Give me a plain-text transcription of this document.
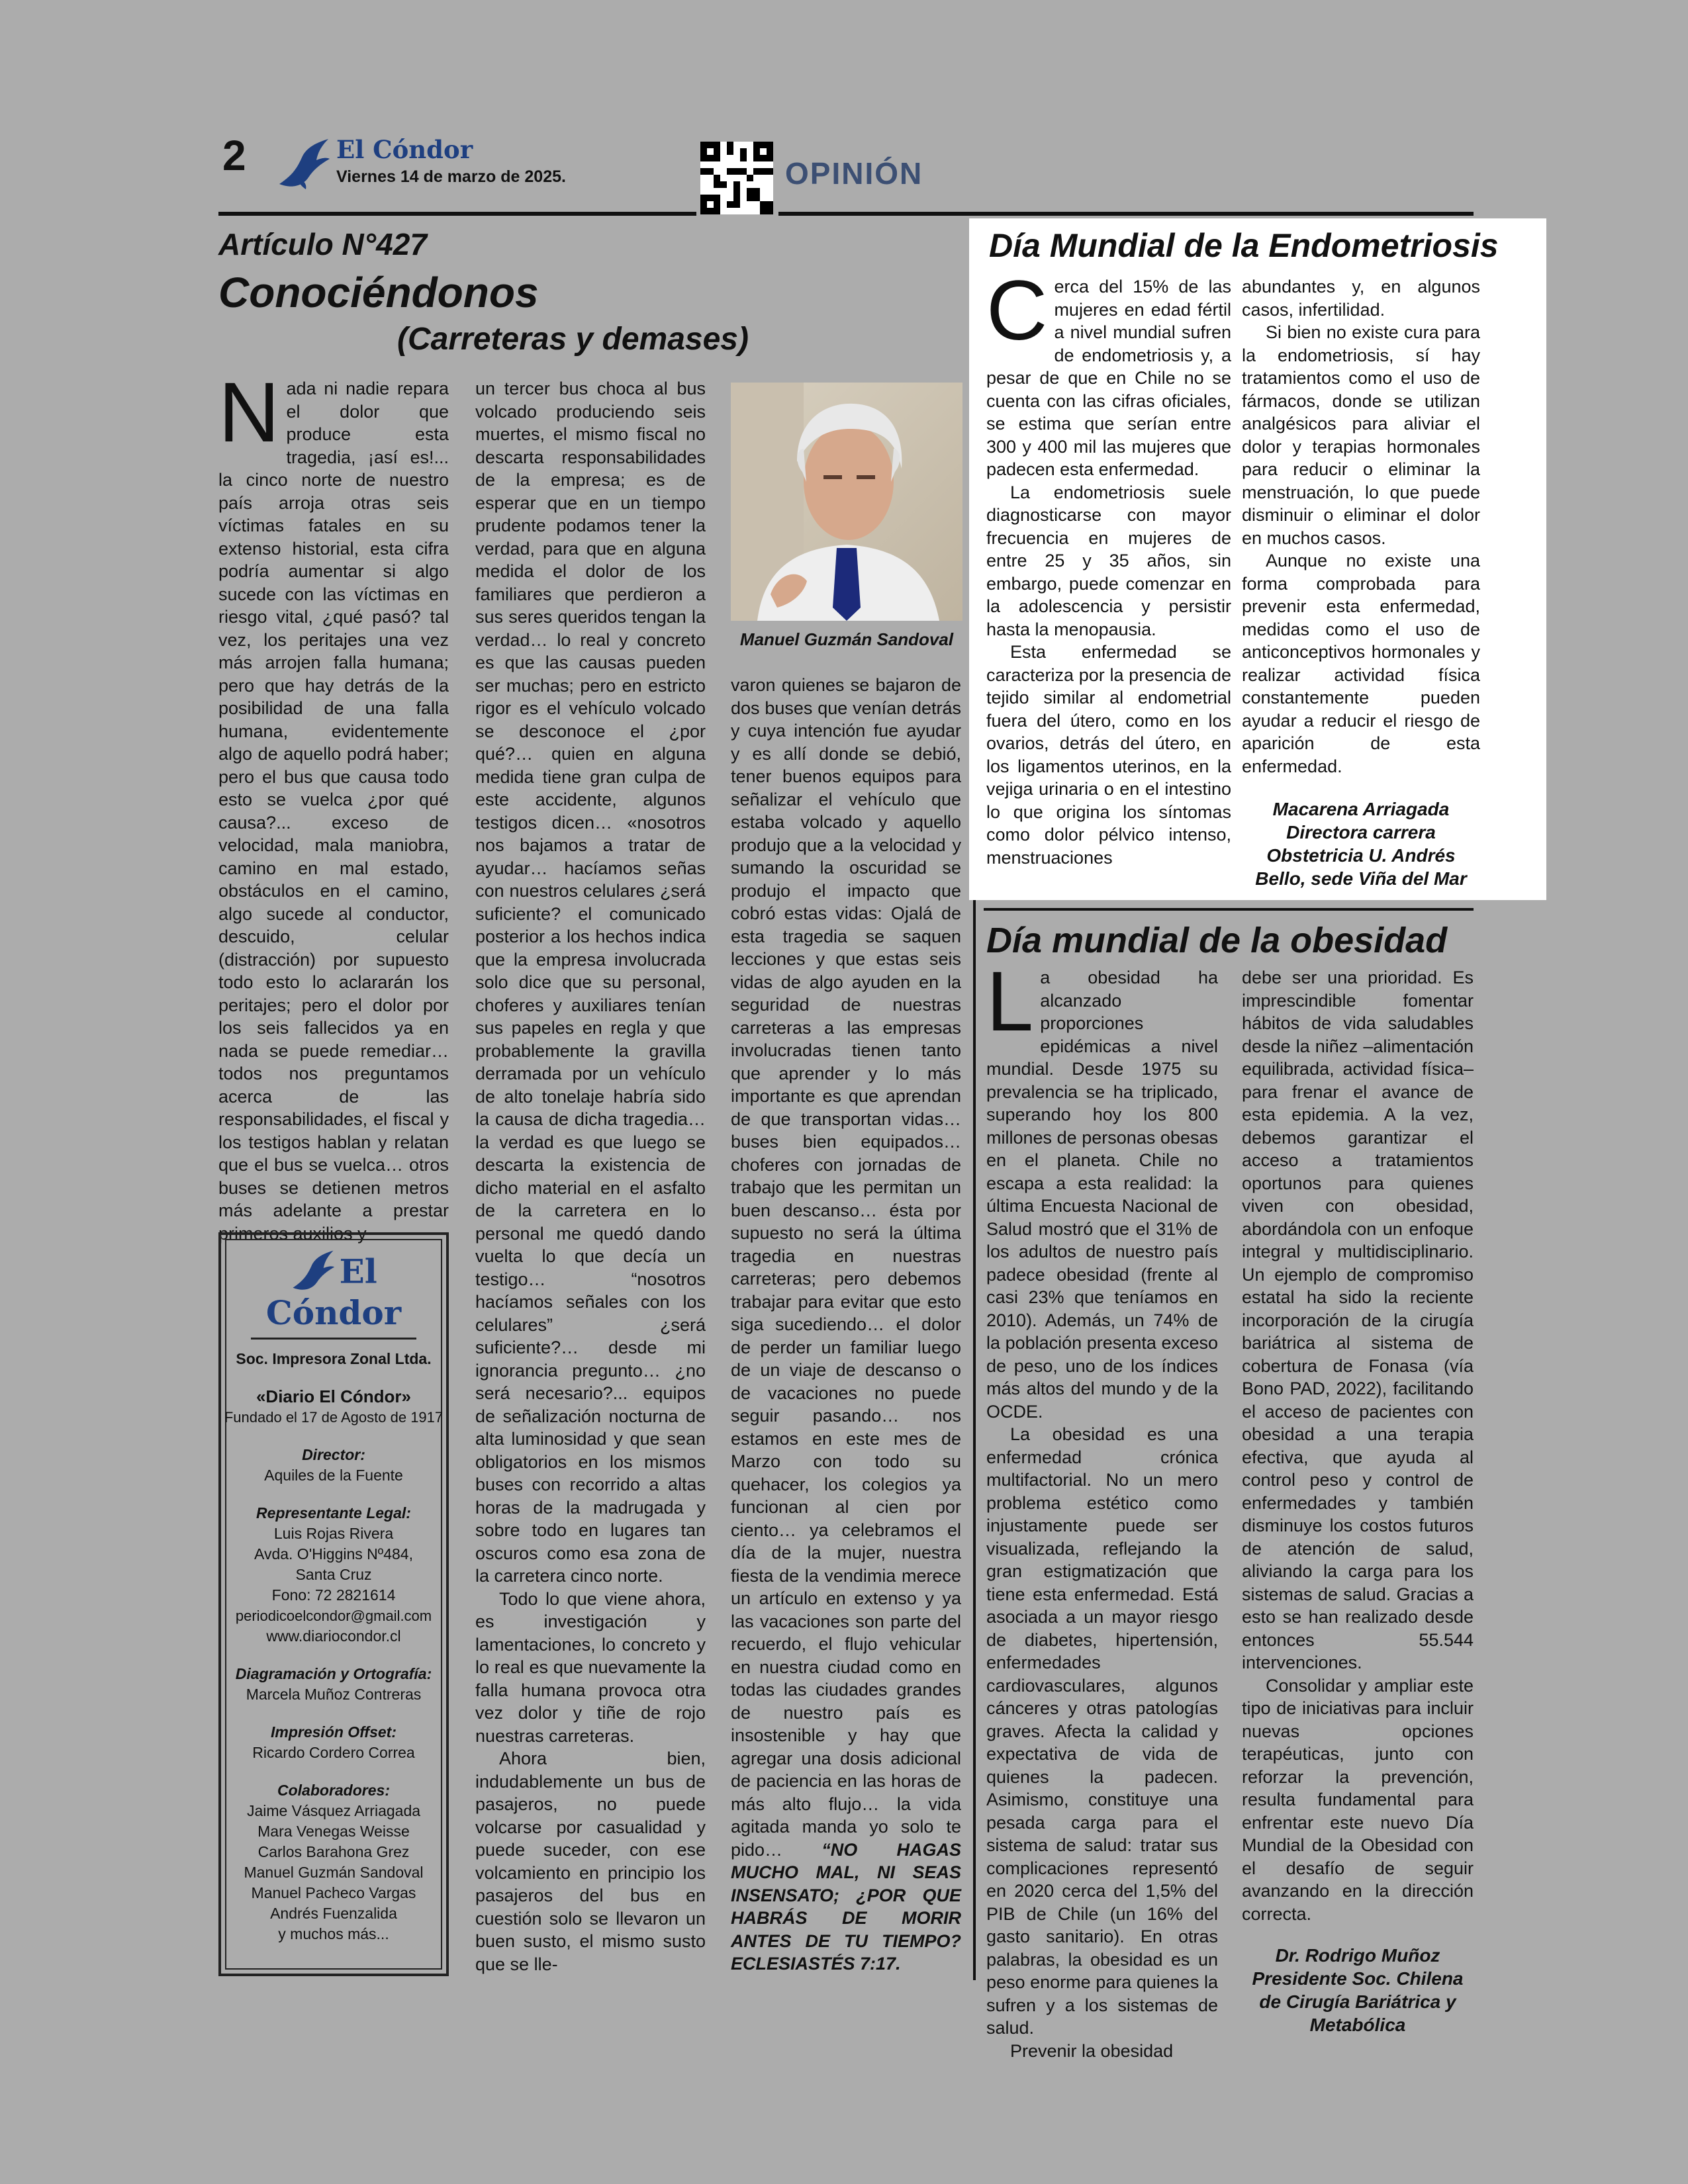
2	El Cóndor
Viernes 14 de marzo de 2025.	OPINIÓN
Artículo N°427
Conociéndonos
(Carreteras y demases)

Nada ni nadie repara el dolor que produce esta tragedia, ¡así es!... la cinco norte de nuestro país arroja otras seis víctimas fatales en su extenso historial, esta cifra podría aumentar si algo sucede con las víctimas en riesgo vital, ¿qué pasó? tal vez, los peritajes una vez más arrojen falla humana; pero que hay detrás de la posibilidad de una falla humana, evidentemente algo de aquello podrá haber; pero el bus que causa todo esto se vuelca ¿por qué causa?... exceso de velocidad, mala maniobra, camino en mal estado, obstáculos en el camino, algo sucede al conductor, descuido, celular (distracción) por supuesto todo esto lo aclararán los peritajes; pero el dolor por los seis fallecidos ya en nada se puede remediar… todos nos preguntamos acerca de las responsabilidades, el fiscal y los testigos hablan y relatan que el bus se vuelca… otros buses se detienen metros más adelante a prestar primeros auxilios y

un tercer bus choca al bus volcado produciendo seis muertes, el mismo fiscal no descarta responsabilidades de la empresa; es de esperar que en un tiempo prudente podamos tener la verdad, para que en alguna medida el dolor de los familiares que perdieron a sus seres queridos tengan la verdad… lo real y concreto es que las causas pueden ser muchas; pero en estricto rigor es el vehículo volcado se desconoce el ¿por qué?… quien en alguna medida tiene gran culpa de este accidente, algunos testigos dicen… «nosotros nos bajamos a tratar de ayudar… hacíamos señas con nuestros celulares ¿será suficiente? el comunicado posterior a los hechos indica que la empresa involucrada solo dice que su personal, choferes y auxiliares tenían sus papeles en regla y que probablemente la gravilla derramada por un vehículo de alto tonelaje habría sido la causa de dicha tragedia… la verdad es que luego se descarta la existencia de dicho material en el asfalto de la carretera en lo personal me quedó dando vuelta lo que decía un testigo… “nosotros hacíamos señales con los celulares” ¿será suficiente?… desde mi ignorancia pregunto… ¿no será necesario?... equipos de señalización nocturna de alta luminosidad y que sean obligatorios en los mismos buses con recorrido a altas horas de la madrugada y sobre todo en lugares tan oscuros como esa zona de la carretera cinco norte.

Todo lo que viene ahora, es investigación y lamentaciones, lo concreto y lo real es que nuevamente la falla humana provoca otra vez dolor y tiñe de rojo nuestras carreteras.

Ahora bien, indudablemente un bus de pasajeros, no puede volcarse por casualidad y puede suceder, con ese volcamiento en principio los pasajeros del bus en cuestión solo se llevaron un buen susto, el mismo susto que se lle-

Manuel Guzmán Sandoval

varon quienes se bajaron de dos buses que venían detrás y cuya intención fue ayudar y es allí donde se debió, tener buenos equipos para señalizar el vehículo que estaba volcado y aquello produjo que a la velocidad y sumando la oscuridad se produjo el impacto que cobró estas vidas: Ojalá de esta tragedia se saquen lecciones y que estas seis vidas de algo ayuden en la seguridad de nuestras carreteras a las empresas involucradas tienen tanto que aprender y lo más importante es que aprendan de que transportan vidas… buses bien equipados… choferes con jornadas de trabajo que les permitan un buen descanso… ésta por supuesto no será la última tragedia en nuestras carreteras; pero debemos trabajar para evitar que esto siga sucediendo… el dolor de perder un familiar luego de un viaje de descanso o de vacaciones no puede seguir pasando… nos estamos en este mes de Marzo con todo su quehacer, los colegios ya funcionan al cien por ciento… ya celebramos el día de la mujer, nuestra fiesta de la vendimia merece un artículo en extenso y ya las vacaciones son parte del recuerdo, el flujo vehicular en nuestra ciudad como en todas las ciudades grandes de nuestro país es insostenible y hay que agregar una dosis adicional de paciencia en las horas de más alto flujo… la vida agitada manda yo solo te pido… “NO HAGAS MUCHO MAL, NI SEAS INSENSATO; ¿POR QUE HABRÁS DE MORIR ANTES DE TU TIEMPO? ECLESIASTÉS 7:17.

El Cóndor

Soc. Impresora Zonal Ltda.

«Diario El Cóndor»

Fundado el 17 de Agosto de 1917

Director:

Aquiles de la Fuente

Representante Legal:

Luis Rojas Rivera

Avda. O'Higgins Nº484,

Santa Cruz

Fono: 72 2821614

periodicoelcondor@gmail.com

www.diariocondor.cl

Diagramación y Ortografía:

Marcela Muñoz Contreras

Impresión Offset:

Ricardo Cordero Correa

Colaboradores:

Jaime Vásquez Arriagada

Mara Venegas Weisse

Carlos Barahona Grez

Manuel Guzmán Sandoval

Manuel Pacheco Vargas

Andrés Fuenzalida

y muchos más...

Día Mundial de la Endometriosis

Cerca del 15% de las mujeres en edad fértil a nivel mundial sufren de endometriosis y, a pesar de que en Chile no se cuenta con las cifras oficiales, se estima que serían entre 300 y 400 mil las mujeres que padecen esta enfermedad.

La endometriosis suele diagnosticarse con mayor frecuencia en mujeres de entre 25 y 35 años, sin embargo, puede comenzar en la adolescencia y persistir hasta la menopausia.

Esta enfermedad se caracteriza por la presencia de tejido similar al endometrial fuera del útero, como en los ovarios, detrás del útero, en los ligamentos uterinos, en la vejiga urinaria o en el intestino lo que origina los síntomas como dolor pélvico intenso, menstruaciones

abundantes y, en algunos casos, infertilidad.

Si bien no existe cura para la endometriosis, sí hay tratamientos como el uso de fármacos, donde se utilizan analgésicos para aliviar el dolor y terapias hormonales para reducir o eliminar la menstruación, lo que puede disminuir o eliminar el dolor en muchos casos.

Aunque no existe una forma comprobada para prevenir esta enfermedad, medidas como el uso de anticonceptivos hormonales y realizar actividad física constantemente pueden ayudar a reducir el riesgo de aparición de esta enfermedad.

Macarena Arriagada
Directora carrera
Obstetricia U. Andrés
Bello, sede Viña del Mar
Día mundial de la obesidad

La obesidad ha alcanzado proporciones epidémicas a nivel mundial. Desde 1975 su prevalencia se ha triplicado, superando hoy los 800 millones de personas obesas en el planeta. Chile no escapa a esta realidad: la última Encuesta Nacional de Salud mostró que el 31% de los adultos de nuestro país padece obesidad (frente al casi 23% que teníamos en 2010). Además, un 74% de la población presenta exceso de peso, uno de los índices más altos del mundo y de la OCDE.

La obesidad es una enfermedad crónica multifactorial. No un mero problema estético como injustamente puede ser visualizada, reflejando la gran estigmatización que tiene esta enfermedad. Está asociada a un mayor riesgo de diabetes, hipertensión, enfermedades cardiovasculares, algunos cánceres y otras patologías graves. Afecta la calidad y expectativa de vida de quienes la padecen. Asimismo, constituye una pesada carga para el sistema de salud: tratar sus complicaciones representó en 2020 cerca del 1,5% del PIB de Chile (un 16% del gasto sanitario). En otras palabras, la obesidad es un peso enorme para quienes la sufren y a los sistemas de salud.

Prevenir la obesidad

debe ser una prioridad. Es imprescindible fomentar hábitos de vida saludables desde la niñez –alimentación equilibrada, actividad física– para frenar el avance de esta epidemia. A la vez, debemos garantizar el acceso a tratamientos oportunos para quienes viven con obesidad, abordándola con un enfoque integral y multidisciplinario. Un ejemplo de compromiso estatal ha sido la reciente incorporación de la cirugía bariátrica al sistema de cobertura de Fonasa (vía Bono PAD, 2022), facilitando el acceso de pacientes con obesidad a una terapia efectiva, que ayuda al control peso y control de enfermedades y también disminuye los costos futuros de atención de salud, aliviando la carga para los sistemas de salud. Gracias a esto se han realizado desde entonces 55.544 intervenciones.

Consolidar y ampliar este tipo de iniciativas para incluir nuevas opciones terapéuticas, junto con reforzar la prevención, resulta fundamental para enfrentar este nuevo Día Mundial de la Obesidad con el desafío de seguir avanzando en la dirección correcta.

Dr. Rodrigo Muñoz
Presidente Soc. Chilena
de Cirugía Bariátrica y
Metabólica
